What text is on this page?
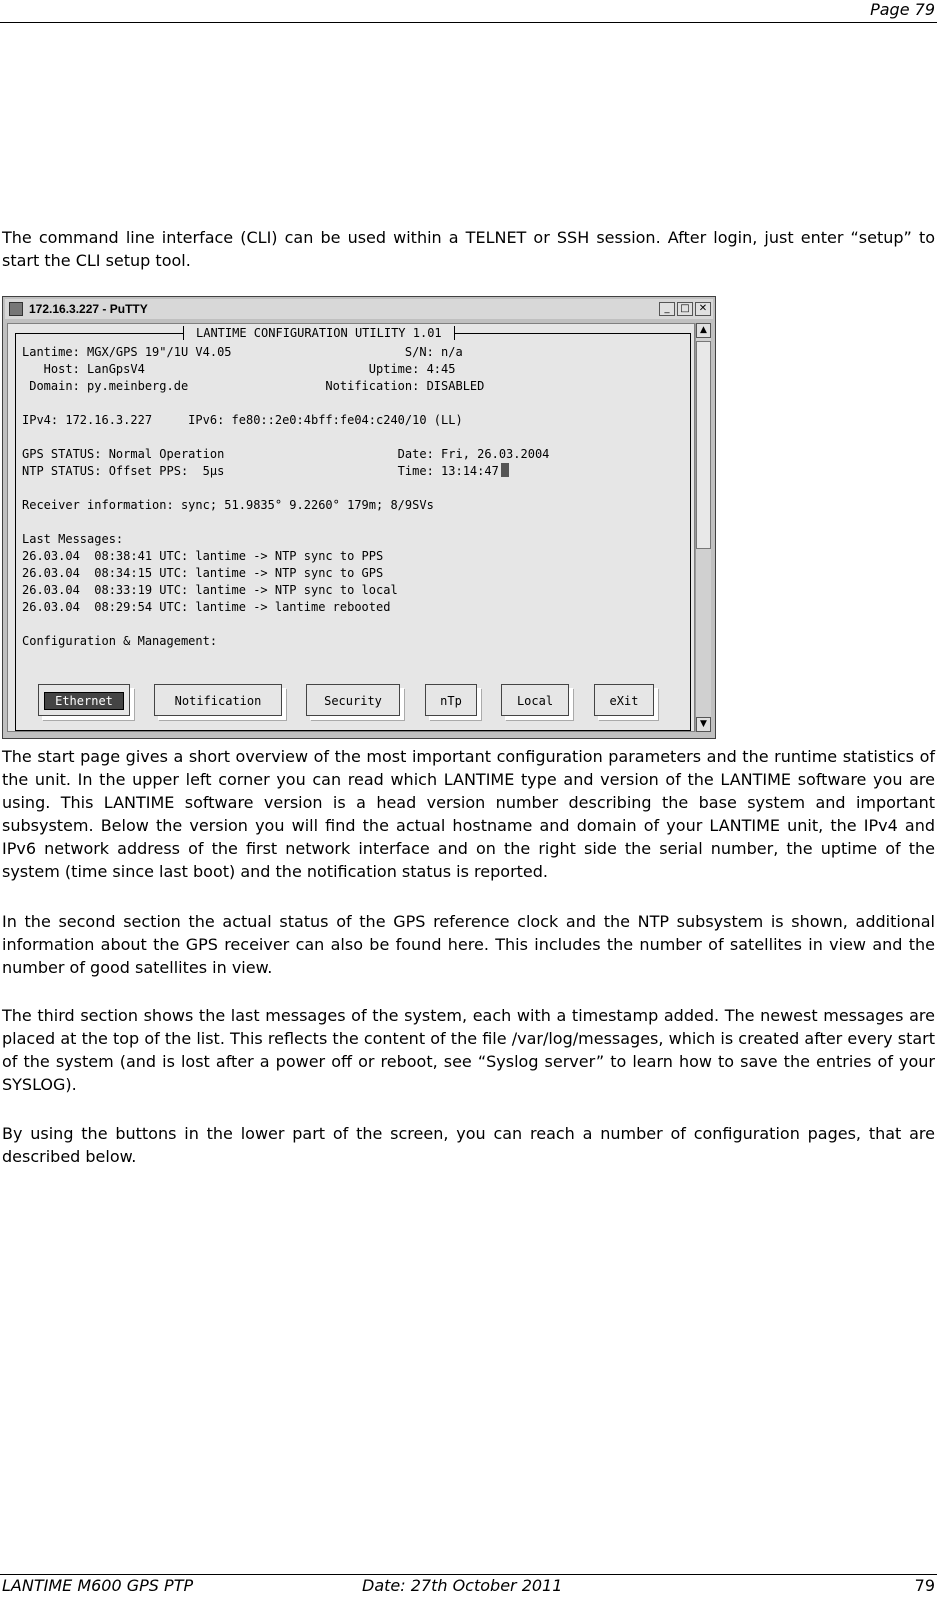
Page 79

The command line interface (CLI) can be used within a TELNET or SSH session. After login, just enter “setup” to start the CLI setup tool.

172.16.3.227 - PuTTY	_	□ ✕
LANTIME CONFIGURATION UTILITY 1.01
Lantime: MGX/GPS 19"/1U V4.05                        S/N: n/a
Host: LanGpsV4                               Uptime: 4:45
Domain: py.meinberg.de                   Notification: DISABLED
IPv4: 172.16.3.227     IPv6: fe80::2e0:4bff:fe04:c240/10 (LL)
GPS STATUS: Normal Operation                        Date: Fri, 26.03.2004
NTP STATUS: Offset PPS:  5µs                        Time: 13:14:47
Receiver information: sync; 51.9835° 9.2260° 179m; 8/9SVs
Last Messages:
26.03.04  08:38:41 UTC: lantime -> NTP sync to PPS
26.03.04  08:34:15 UTC: lantime -> NTP sync to GPS
26.03.04  08:33:19 UTC: lantime -> NTP sync to local
26.03.04  08:29:54 UTC: lantime -> lantime rebooted
Configuration & Management:
Ethernet	Notification	Security	nTp	Local	eXit
▲
▼

The start page gives a short overview of the most important configuration parameters and the runtime statistics of the unit. In the upper left corner you can read which LANTIME type and version of the LANTIME software you are using. This LANTIME software version is a head version number describing the base system and important subsystem. Below the version you will find the actual hostname and domain of your LANTIME unit, the IPv4 and IPv6 network address of the first network interface and on the right side the serial number, the uptime of the system (time since last boot) and the notification status is reported.

In the second section the actual status of the GPS reference clock and the NTP subsystem is shown, additional information about the GPS receiver can also be found here. This includes the number of satellites in view and the number of good satellites in view.

The third section shows the last messages of the system, each with a timestamp added. The newest messages are placed at the top of the list. This reflects the content of the file /var/log/messages, which is created after every start of the system (and is lost after a power off or reboot, see “Syslog server” to learn how to save the entries of your SYSLOG).

By using the buttons in the lower part of the screen, you can reach a number of configuration pages, that are described below.

LANTIME M600 GPS PTP	Date: 27th October 2011	79
